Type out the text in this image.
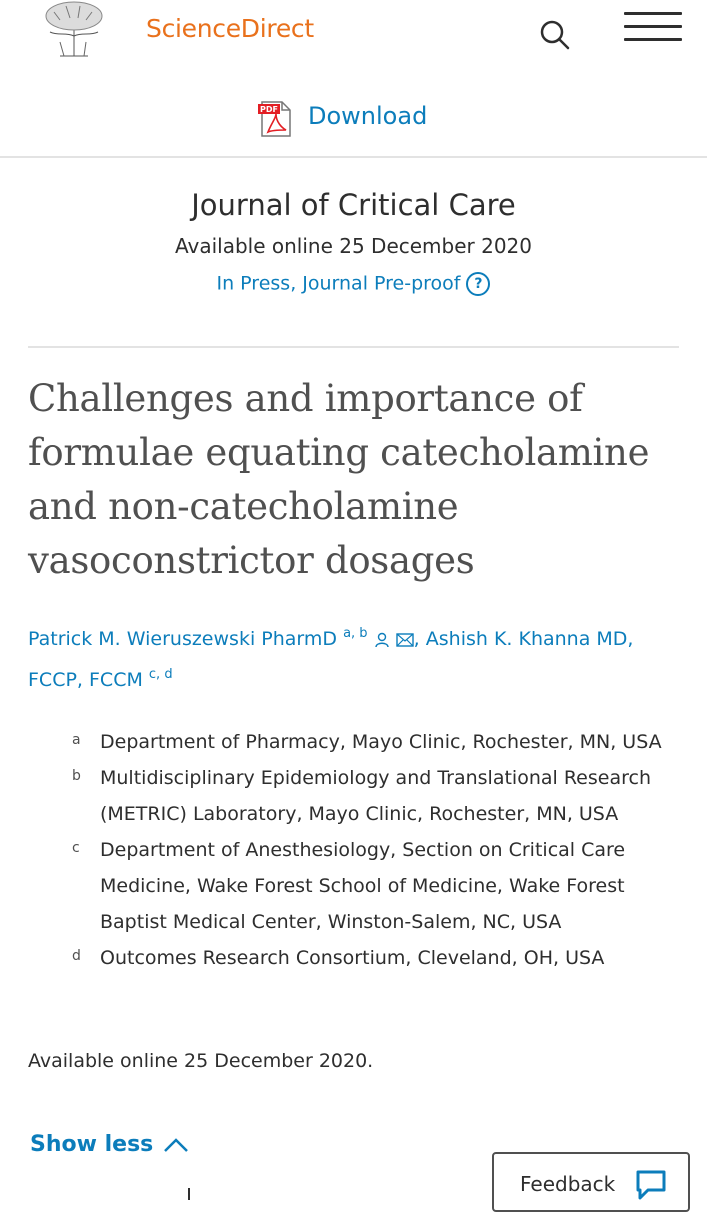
ScienceDirect
PDF Download
Journal of Critical Care
Available online 25 December 2020
In Press, Journal Pre-proof ?
Challenges and importance of formulae equating catecholamine and non-catecholamine vasoconstrictor dosages
Patrick M. Wieruszewski PharmD $^{a, b}$ , Ashish K. Khanna MD, FCCP, FCCM $^{c, d}$
a Department of Pharmacy, Mayo Clinic, Rochester, MN, USA
b Multidisciplinary Epidemiology and Translational Research (METRIC) Laboratory, Mayo Clinic, Rochester, MN, USA
c Department of Anesthesiology, Section on Critical Care Medicine, Wake Forest School of Medicine, Wake Forest Baptist Medical Center, Winston-Salem, NC, USA
d Outcomes Research Consortium, Cleveland, OH, USA
Available online 25 December 2020.
Show less
Feedback
